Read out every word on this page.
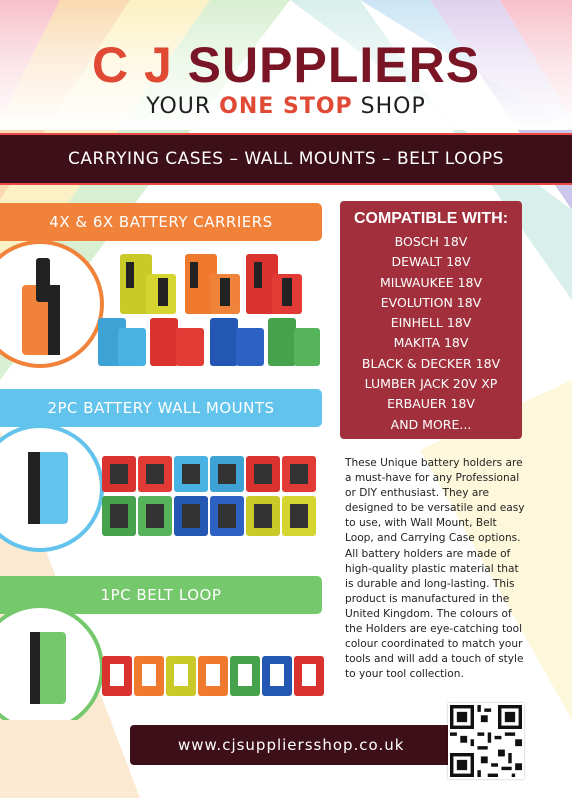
C J SUPPLIERS
YOUR ONE STOP SHOP
CARRYING CASES – WALL MOUNTS – BELT LOOPS
4X & 6X BATTERY CARRIERS
2PC BATTERY WALL MOUNTS
1PC BELT LOOP
COMPATIBLE WITH:
BOSCH 18V
DEWALT 18V
MILWAUKEE 18V
EVOLUTION 18V
EINHELL 18V
MAKITA 18V
BLACK & DECKER 18V
LUMBER JACK 20V XP
ERBAUER 18V
AND MORE...
These Unique battery holders are a must-have for any Professional or DIY enthusiast. They are designed to be versatile and easy to use, with Wall Mount, Belt Loop, and Carrying Case options. All battery holders are made of high-quality plastic material that is durable and long-lasting. This product is manufactured in the United Kingdom. The colours of the Holders are eye-catching tool colour coordinated to match your tools and will add a touch of style to your tool collection.
www.cjsuppliersshop.co.uk
